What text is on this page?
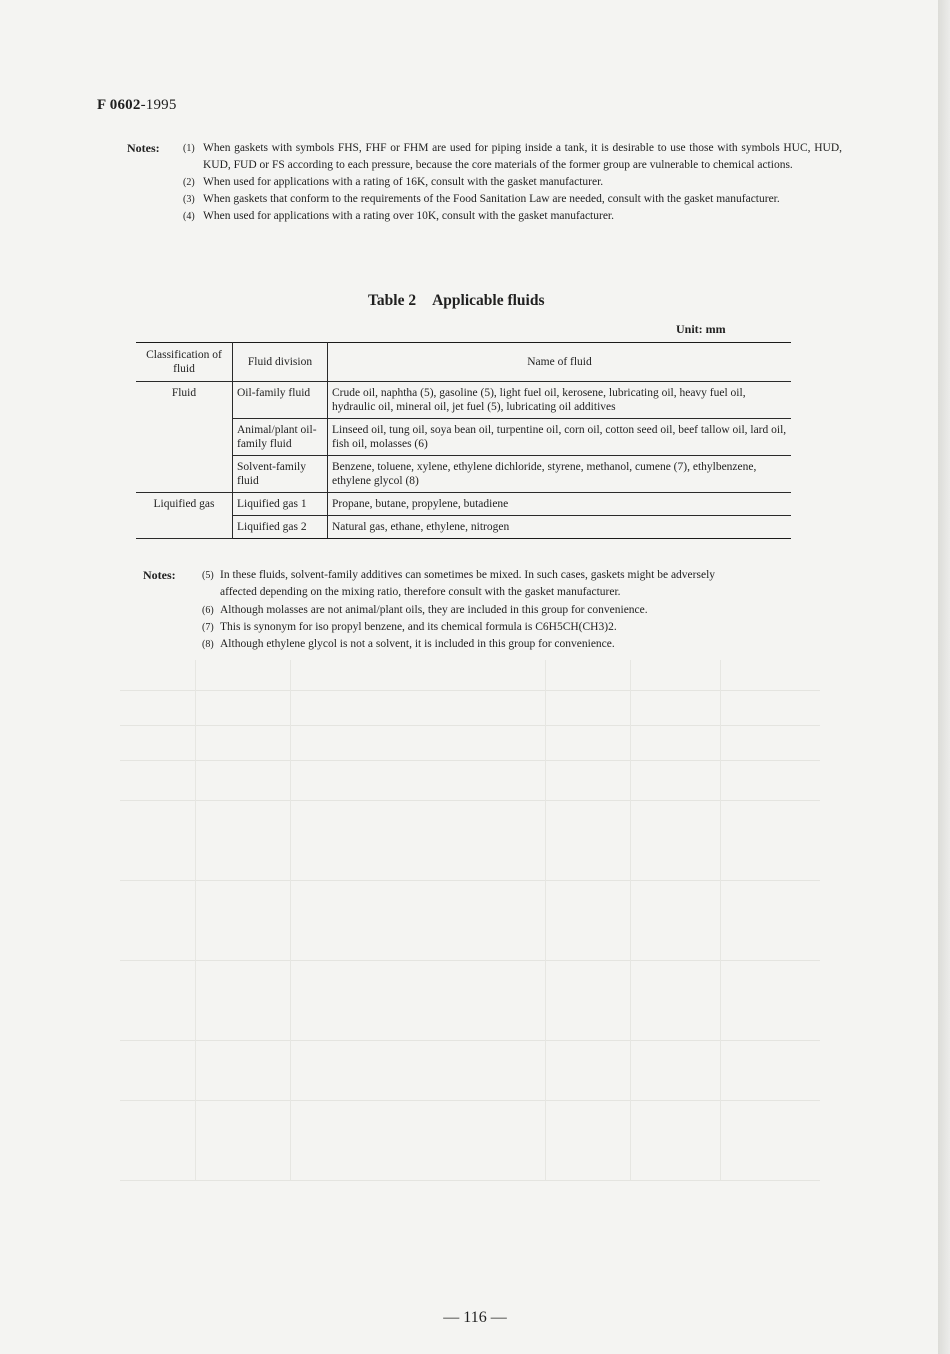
F 0602-1995
Notes: (1) When gaskets with symbols FHS, FHF or FHM are used for piping inside a tank, it is desirable to use those with symbols HUC, HUD, KUD, FUD or FS according to each pressure, because the core materials of the former group are vulnerable to chemical actions.
(2) When used for applications with a rating of 16K, consult with the gasket manufacturer.
(3) When gaskets that conform to the requirements of the Food Sanitation Law are needed, consult with the gasket manufacturer.
(4) When used for applications with a rating over 10K, consult with the gasket manufacturer.
Table 2 Applicable fluids
Unit: mm
Classification of fluid	Fluid division	Name of fluid
Fluid	Oil-family fluid	Crude oil, naphtha (5), gasoline (5), light fuel oil, kerosene, lubricating oil, heavy fuel oil, hydraulic oil, mineral oil, jet fuel (5), lubricating oil additives
	Animal/plant oil-family fluid	Linseed oil, tung oil, soya bean oil, turpentine oil, corn oil, cotton seed oil, beef tallow oil, lard oil, fish oil, molasses (6)
	Solvent-family fluid	Benzene, toluene, xylene, ethylene dichloride, styrene, methanol, cumene (7), ethylbenzene, ethylene glycol (8)
Liquified gas	Liquified gas 1	Propane, butane, propylene, butadiene
	Liquified gas 2	Natural gas, ethane, ethylene, nitrogen
Notes:	(5) In these fluids, solvent-family additives can sometimes be mixed. In such cases, gaskets might be adversely affected depending on the mixing ratio, therefore consult with the gasket manufacturer.
(6) Although molasses are not animal/plant oils, they are included in this group for convenience.
(7) This is synonym for iso propyl benzene, and its chemical formula is C6H5CH(CH3)2.
(8) Although ethylene glycol is not a solvent, it is included in this group for convenience.
— 116 —
